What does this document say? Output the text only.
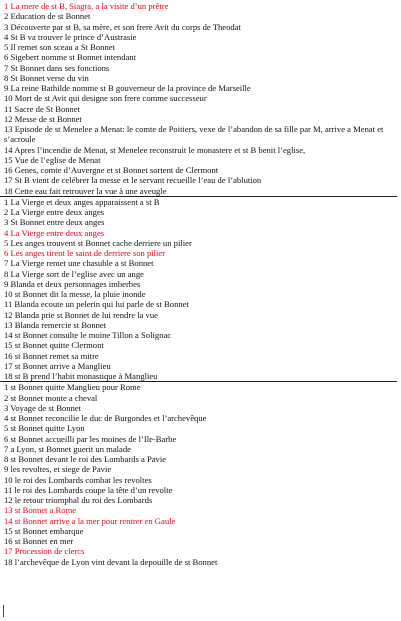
1 La mere de st B, Siagra, a la visite d’un prêtre
2 Education de st Bonnet
3 Découverte par st B, sa mère, et son frere Avit du corps de Theodat
4 St B va trouver le prince d’Austrasie
5 Il remet son sceau a St Bonnet
6 Sigebert nomme st Bonnet intendant
7 St Bonnet dans ses fonctions
8 St Bonnet verse du vin
9 La reine Bathilde nomme st B gouverneur de la province de Marseille
10 Mort de st Avit qui designe son frere comme successeur
11 Sacre de St Bonnet
12 Messe de st Bonnet
13 Episode de st Menelee a Menat: le comte de Poitiers, vexe de l’abandon de sa fille par M, arrive a Menat et s’acroule
14 Apres l’incendie de Menat, st Menelee reconstruit le monastere et st B benit l’eglise,
15 Vue de l’eglise de Menat
16 Genes, comte d’Auvergne et st Bonnet sortent de Clermont
17 St B vient de celébrer la messe et le servant recueille l’eau de l’ablution
18 Cette eau fait retrouver la vue à une aveugle
1 La Vierge et deux anges apparaissent a st B
2 La Vierge entre deux anges
3 St Bonnet entre deux anges
4 La Vierge entre deux anges
5 Les anges trouvent st Bonnet cache derriere un pilier
6 Les anges tirent le saint de derriere son pilier
7 La Vierge remet une chasuble a st Bonnet
8 La Vierge sort de l’eglise avec un ange
9 Blanda et deux personnages imberbes
10 st Bonnet dit la messe, la pluie inonde
11 Blanda ecoute un pelerin qui lui parle de st Bonnet
12 Blanda prie st Bonnet de lui rendre la vue
13 Blanda remercie st Bonnet
14 st Bonnet consulte le moine Tillon a Solignac
15 st Bonnet quitte Clermont
16 st Bonnet remet sa mitre
17 st Bonnet arrive a Manglieu
18 st B prend l’habit monastique à Manglieu
1 st Bonnet quitte Manglieu pour Rome
2 st Bonnet monte a cheval
3 Voyage de st Bonnet
4 st Bonnet reconcilie le duc de Burgondes et l’archevêque
5 st Bonnet quitte Lyon
6 st Bonnet accueilli par les moines de l’Ile-Barbe
7 a Lyon, st Bonnet guerit un malade
8 st Bonnet devant le roi des Lombards a Pavie
9 les revoltes, et siege de Pavie
10 le roi des Lombards combat les revoltes
11 le roi des Lombards coupe la tête d’un revolte
12 le retour triomphal du roi des Lombards
13 st Bonnet a Rome
14 st Bonnet arrive a la mer pour rentrer en Gaule
15 st Bonnet embarque
16 st Bonnet en mer
17 Procession de clercs
18 l’archevêque de Lyon vint devant la depouille de st Bonnet
